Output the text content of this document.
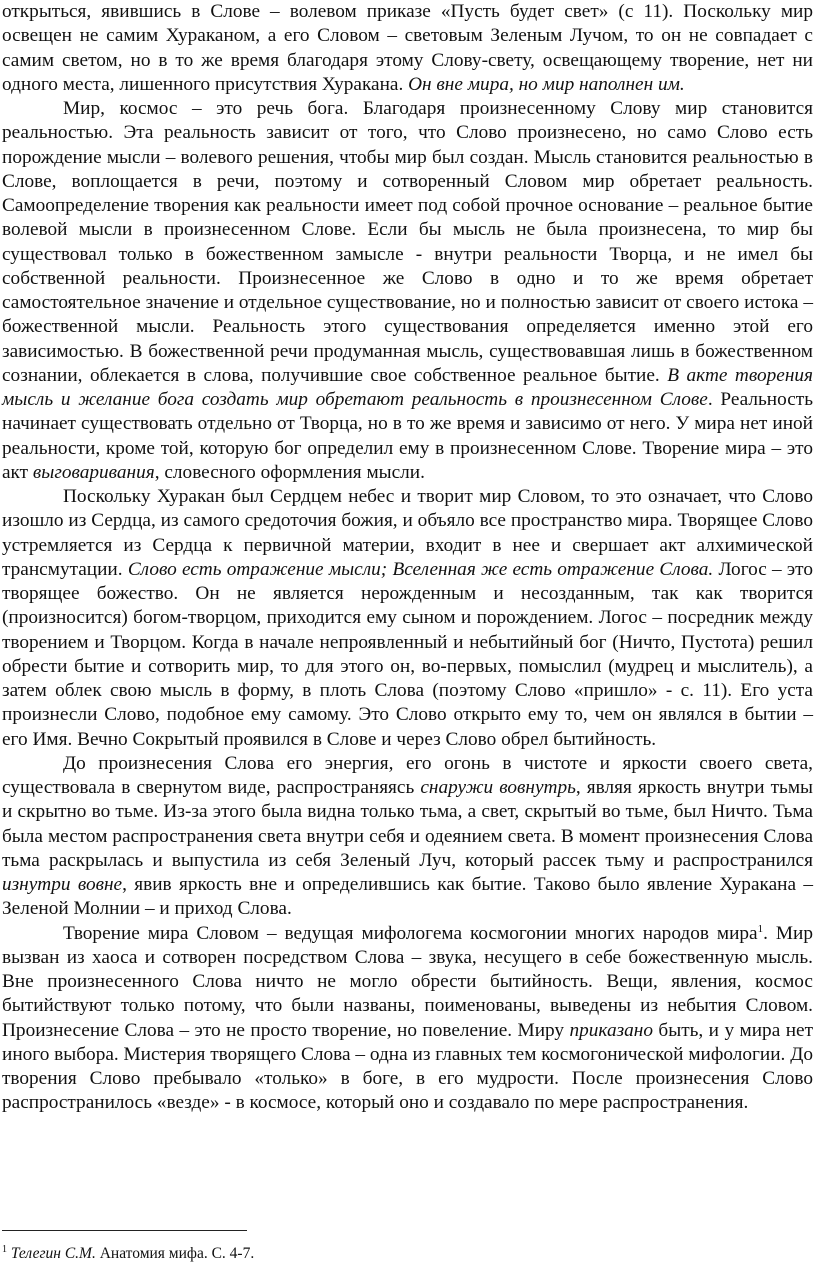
открыться, явившись в Слове – волевом приказе «Пусть будет свет» (с 11). Поскольку мир освещен не самим Хураканом, а его Словом – световым Зеленым Лучом, то он не совпадает с самим светом, но в то же время благодаря этому Слову-свету, освещающему творение, нет ни одного места, лишенного присутствия Хуракана. Он вне мира, но мир наполнен им.

Мир, космос – это речь бога. Благодаря произнесенному Слову мир становится реальностью. Эта реальность зависит от того, что Слово произнесено, но само Слово есть порождение мысли – волевого решения, чтобы мир был создан. Мысль становится реальностью в Слове, воплощается в речи, поэтому и сотворенный Словом мир обретает реальность. Самоопределение творения как реальности имеет под собой прочное основание – реальное бытие волевой мысли в произнесенном Слове. Если бы мысль не была произнесена, то мир бы существовал только в божественном замысле - внутри реальности Творца, и не имел бы собственной реальности. Произнесенное же Слово в одно и то же время обретает самостоятельное значение и отдельное существование, но и полностью зависит от своего истока – божественной мысли. Реальность этого существования определяется именно этой его зависимостью. В божественной речи продуманная мысль, существовавшая лишь в божественном сознании, облекается в слова, получившие свое собственное реальное бытие. В акте творения мысль и желание бога создать мир обретают реальность в произнесенном Слове. Реальность начинает существовать отдельно от Творца, но в то же время и зависимо от него. У мира нет иной реальности, кроме той, которую бог определил ему в произнесенном Слове. Творение мира – это акт выговаривания, словесного оформления мысли.

Поскольку Хуракан был Сердцем небес и творит мир Словом, то это означает, что Слово изошло из Сердца, из самого средоточия божия, и объяло все пространство мира. Творящее Слово устремляется из Сердца к первичной материи, входит в нее и свершает акт алхимической трансмутации. Слово есть отражение мысли; Вселенная же есть отражение Слова. Логос – это творящее божество. Он не является нерожденным и несозданным, так как творится (произносится) богом-творцом, приходится ему сыном и порождением. Логос – посредник между творением и Творцом. Когда в начале непроявленный и небытийный бог (Ничто, Пустота) решил обрести бытие и сотворить мир, то для этого он, во-первых, помыслил (мудрец и мыслитель), а затем облек свою мысль в форму, в плоть Слова (поэтому Слово «пришло» - с. 11). Его уста произнесли Слово, подобное ему самому. Это Слово открыто ему то, чем он являлся в бытии – его Имя. Вечно Сокрытый проявился в Слове и через Слово обрел бытийность.

До произнесения Слова его энергия, его огонь в чистоте и яркости своего света, существовала в свернутом виде, распространяясь снаружи вовнутрь, являя яркость внутри тьмы и скрытно во тьме. Из-за этого была видна только тьма, а свет, скрытый во тьме, был Ничто. Тьма была местом распространения света внутри себя и одеянием света. В момент произнесения Слова тьма раскрылась и выпустила из себя Зеленый Луч, который рассек тьму и распространился изнутри вовне, явив яркость вне и определившись как бытие. Таково было явление Хуракана – Зеленой Молнии – и приход Слова.

Творение мира Словом – ведущая мифологема космогонии многих народов мира$^1$. Мир вызван из хаоса и сотворен посредством Слова – звука, несущего в себе божественную мысль. Вне произнесенного Слова ничто не могло обрести бытийность. Вещи, явления, космос бытийствуют только потому, что были названы, поименованы, выведены из небытия Словом. Произнесение Слова – это не просто творение, но повеление. Миру приказано быть, и у мира нет иного выбора. Мистерия творящего Слова – одна из главных тем космогонической мифологии. До творения Слово пребывало «только» в боге, в его мудрости. После произнесения Слово распространилось «везде» - в космосе, который оно и создавало по мере распространения.

$^1$ Телегин С.М. Анатомия мифа. С. 4-7.
